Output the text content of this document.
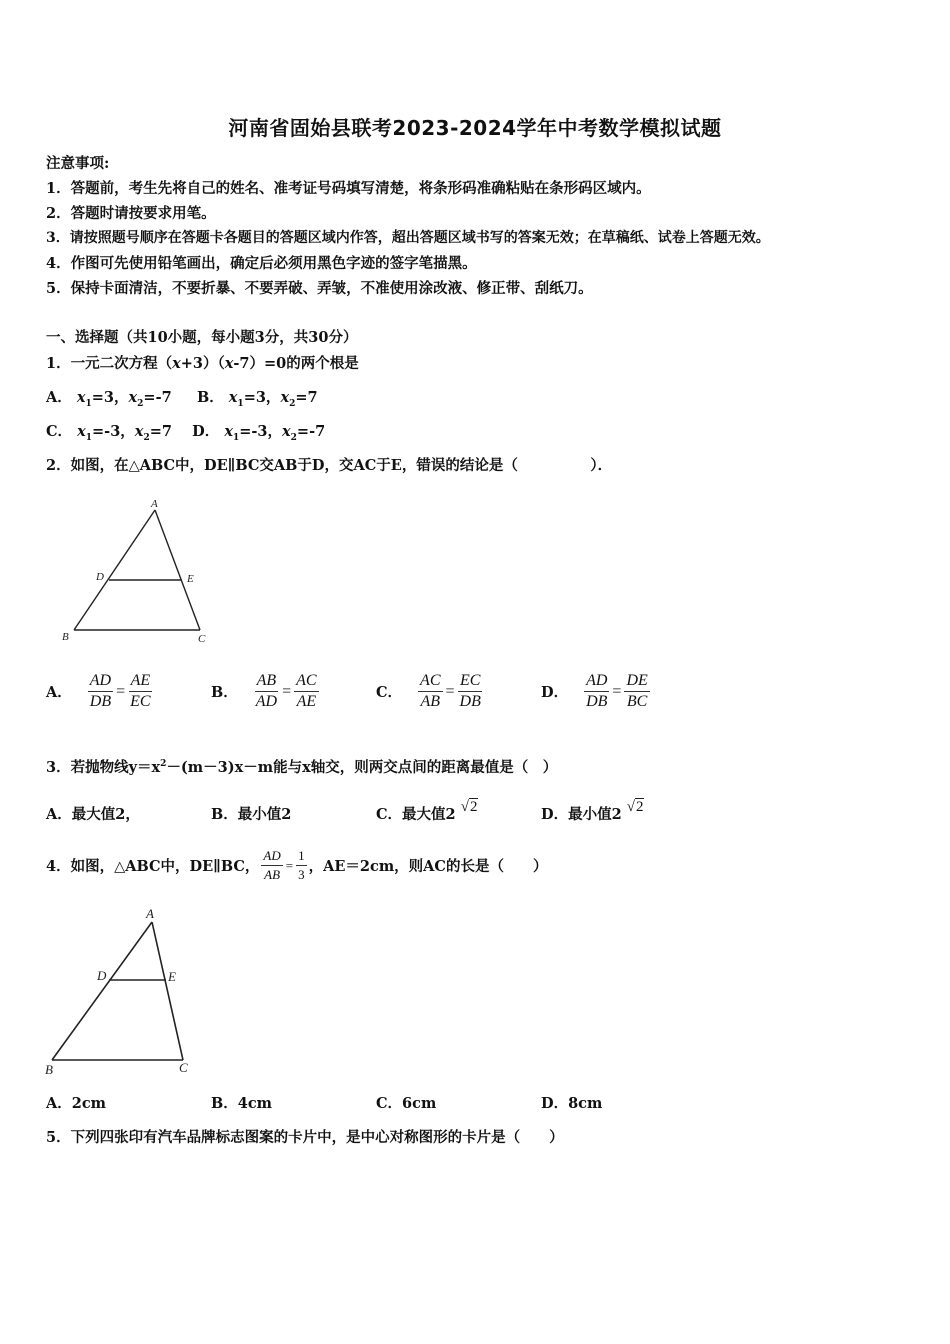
河南省固始县联考2023-2024学年中考数学模拟试题
注意事项:
1．答题前，考生先将自己的姓名、准考证号码填写清楚，将条形码准确粘贴在条形码区域内。
2．答题时请按要求用笔。
3．请按照题号顺序在答题卡各题目的答题区域内作答，超出答题区域书写的答案无效；在草稿纸、试卷上答题无效。
4．作图可先使用铅笔画出，确定后必须用黑色字迹的签字笔描黑。
5．保持卡面清洁，不要折暴、不要弄破、弄皱，不准使用涂改液、修正带、刮纸刀。
一、选择题（共10小题，每小题3分，共30分）
1．一元二次方程（x+3）（x-7）=0的两个根是
A． $x_1=3$，$x_2=-7$ B． $x_1=3$，$x_2=7$
C． $x_1=-3$，$x_2=7$ D． $x_1=-3$，$x_2=-7$
2．如图，在△ABC中，DE∥BC交AB于D，交AC于E，错误的结论是（　　　　　）．
A
B	C
D	E
A． $\frac{AD}{DB} = \frac{AE}{EC}$	B． $\frac{AB}{AD} = \frac{AC}{AE}$	C． $\frac{AC}{AB} = \frac{EC}{DB}$	D． $\frac{AD}{DB} = \frac{DE}{BC}$
3．若抛物线$y=x^2-(m-3)x-m$能与x轴交，则两交点间的距离最值是（　）
A．最大值2，	B．最小值2	C．最大值2 √2	D．最小值2 √2
4．如图，△ABC中，DE∥BC， $\frac{AD}{AB} = \frac{1}{3}$ ，AE＝2cm，则AC的长是（　　）
A
B	C
D	E
A．2cm	B．4cm	C．6cm	D．8cm
5．下列四张印有汽车品牌标志图案的卡片中，是中心对称图形的卡片是（　　）
